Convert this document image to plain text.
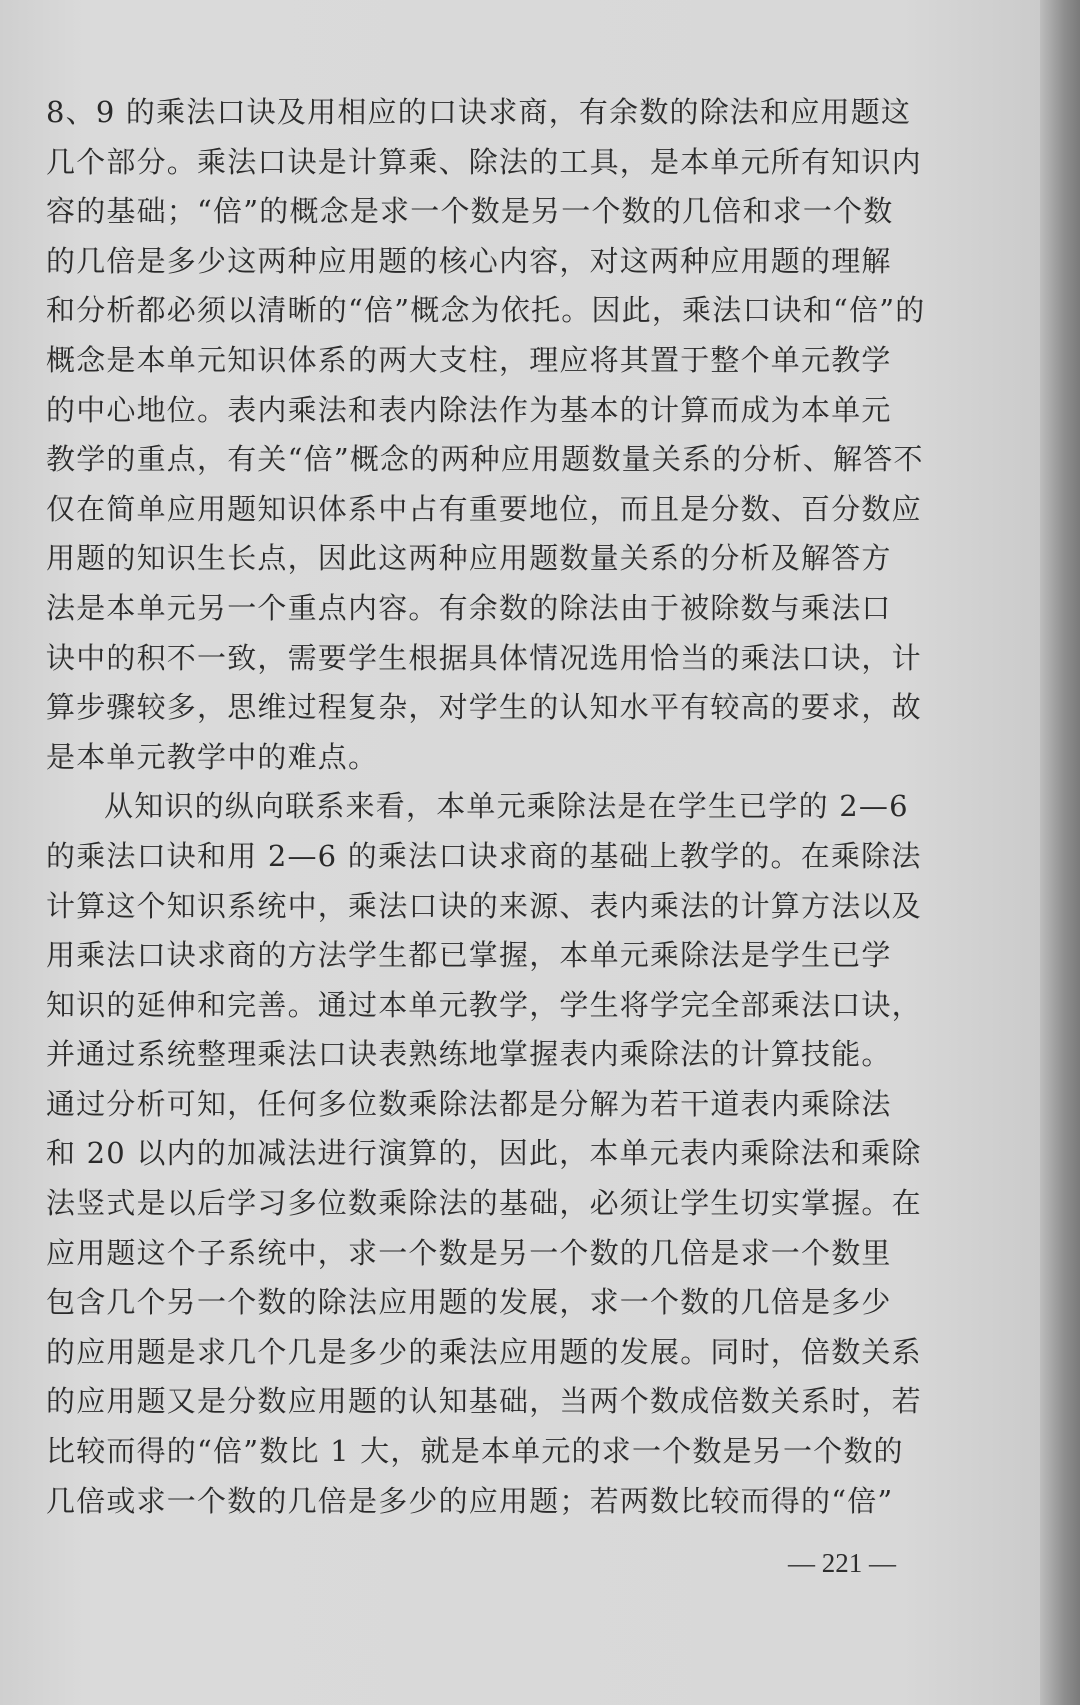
8、9 的乘法口诀及用相应的口诀求商，有余数的除法和应用题这
几个部分。乘法口诀是计算乘、除法的工具，是本单元所有知识内
容的基础；“倍”的概念是求一个数是另一个数的几倍和求一个数
的几倍是多少这两种应用题的核心内容，对这两种应用题的理解
和分析都必须以清晰的“倍”概念为依托。因此，乘法口诀和“倍”的
概念是本单元知识体系的两大支柱，理应将其置于整个单元教学
的中心地位。表内乘法和表内除法作为基本的计算而成为本单元
教学的重点，有关“倍”概念的两种应用题数量关系的分析、解答不
仅在简单应用题知识体系中占有重要地位，而且是分数、百分数应
用题的知识生长点，因此这两种应用题数量关系的分析及解答方
法是本单元另一个重点内容。有余数的除法由于被除数与乘法口
诀中的积不一致，需要学生根据具体情况选用恰当的乘法口诀，计
算步骤较多，思维过程复杂，对学生的认知水平有较高的要求，故
是本单元教学中的难点。
从知识的纵向联系来看，本单元乘除法是在学生已学的 2—6
的乘法口诀和用 2—6 的乘法口诀求商的基础上教学的。在乘除法
计算这个知识系统中，乘法口诀的来源、表内乘法的计算方法以及
用乘法口诀求商的方法学生都已掌握，本单元乘除法是学生已学
知识的延伸和完善。通过本单元教学，学生将学完全部乘法口诀，
并通过系统整理乘法口诀表熟练地掌握表内乘除法的计算技能。
通过分析可知，任何多位数乘除法都是分解为若干道表内乘除法
和 20 以内的加减法进行演算的，因此，本单元表内乘除法和乘除
法竖式是以后学习多位数乘除法的基础，必须让学生切实掌握。在
应用题这个子系统中，求一个数是另一个数的几倍是求一个数里
包含几个另一个数的除法应用题的发展，求一个数的几倍是多少
的应用题是求几个几是多少的乘法应用题的发展。同时，倍数关系
的应用题又是分数应用题的认知基础，当两个数成倍数关系时，若
比较而得的“倍”数比 1 大，就是本单元的求一个数是另一个数的
几倍或求一个数的几倍是多少的应用题；若两数比较而得的“倍”
— 221 —
